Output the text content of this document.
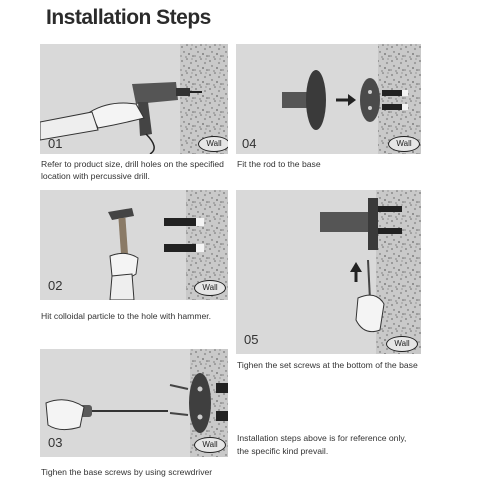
Installation Steps
01	Wall
Refer to product size, drill holes on the specified
location with percussive drill.
04	Wall
Fit the rod to the base
02	Wall
Hit colloidal particle to the hole with hammer.
05	Wall
Tighen the set screws at the bottom of the base
03	Wall
Tighen the base screws by using screwdriver
Installation steps above is for reference only,
the specific kind prevail.
